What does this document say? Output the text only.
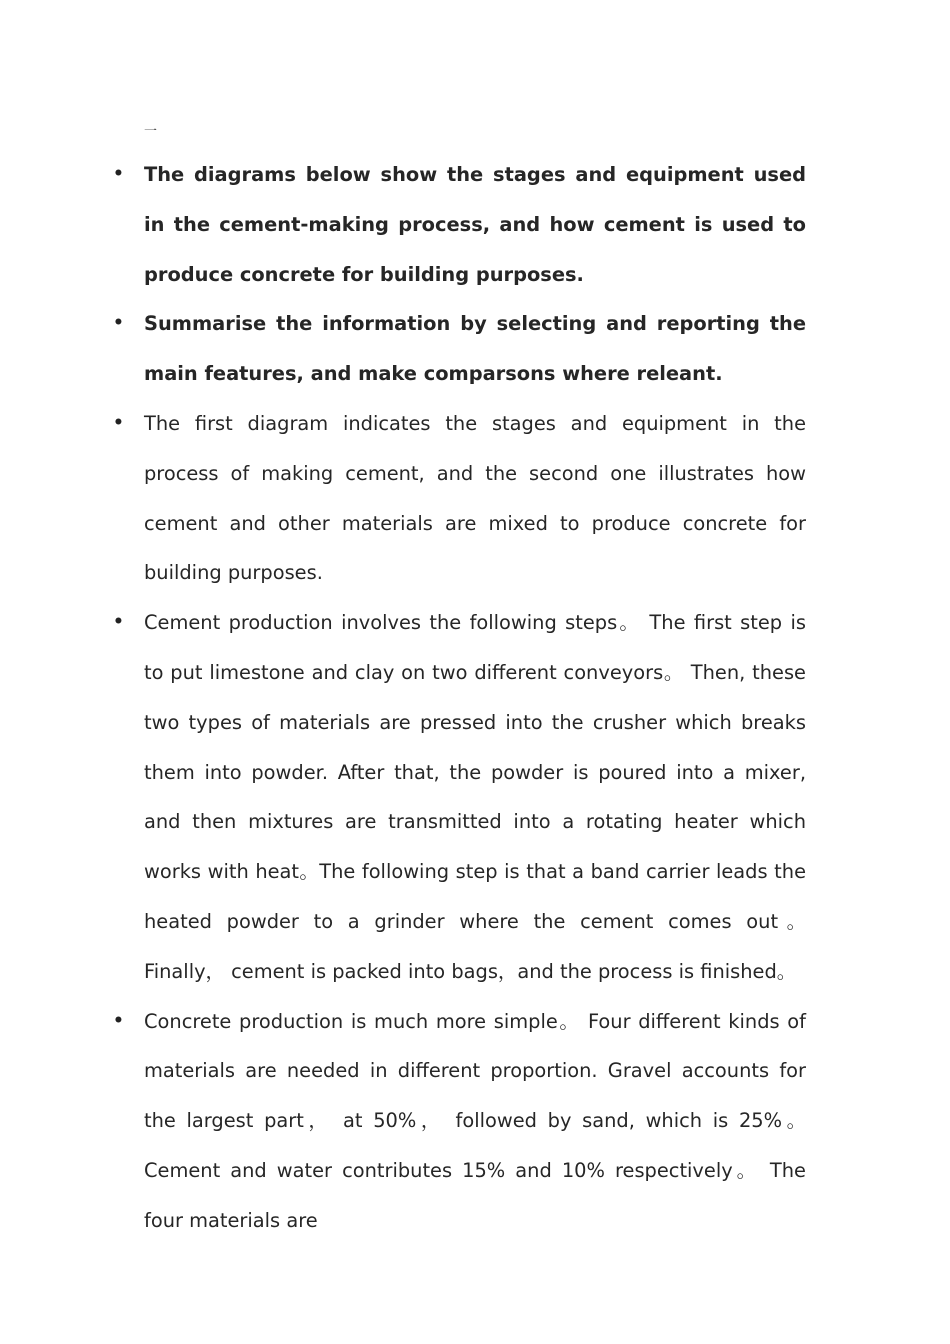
一
• The diagrams below show the stages and equipment used in the cement-making process, and how cement is used to produce concrete for building purposes.
• Summarise the information by selecting and reporting the main features, and make comparsons where releant.
• The first diagram indicates the stages and equipment in the process of making cement, and the second one illustrates how cement and other materials are mixed to produce concrete for building purposes.
• Cement production involves the following steps。 The first step is to put limestone and clay on two different conveyors。 Then, these two types of materials are pressed into the crusher which breaks them into powder. After that, the powder is poured into a mixer, and then mixtures are transmitted into a rotating heater which works with heat。The following step is that a band carrier leads the heated powder to a grinder where the cement comes out。 Finally， cement is packed into bags，and the process is finished。
• Concrete production is much more simple。 Four different kinds of materials are needed in different proportion. Gravel accounts for the largest part， at 50%， followed by sand, which is 25%。 Cement and water contributes 15% and 10% respectively。 The four materials are
